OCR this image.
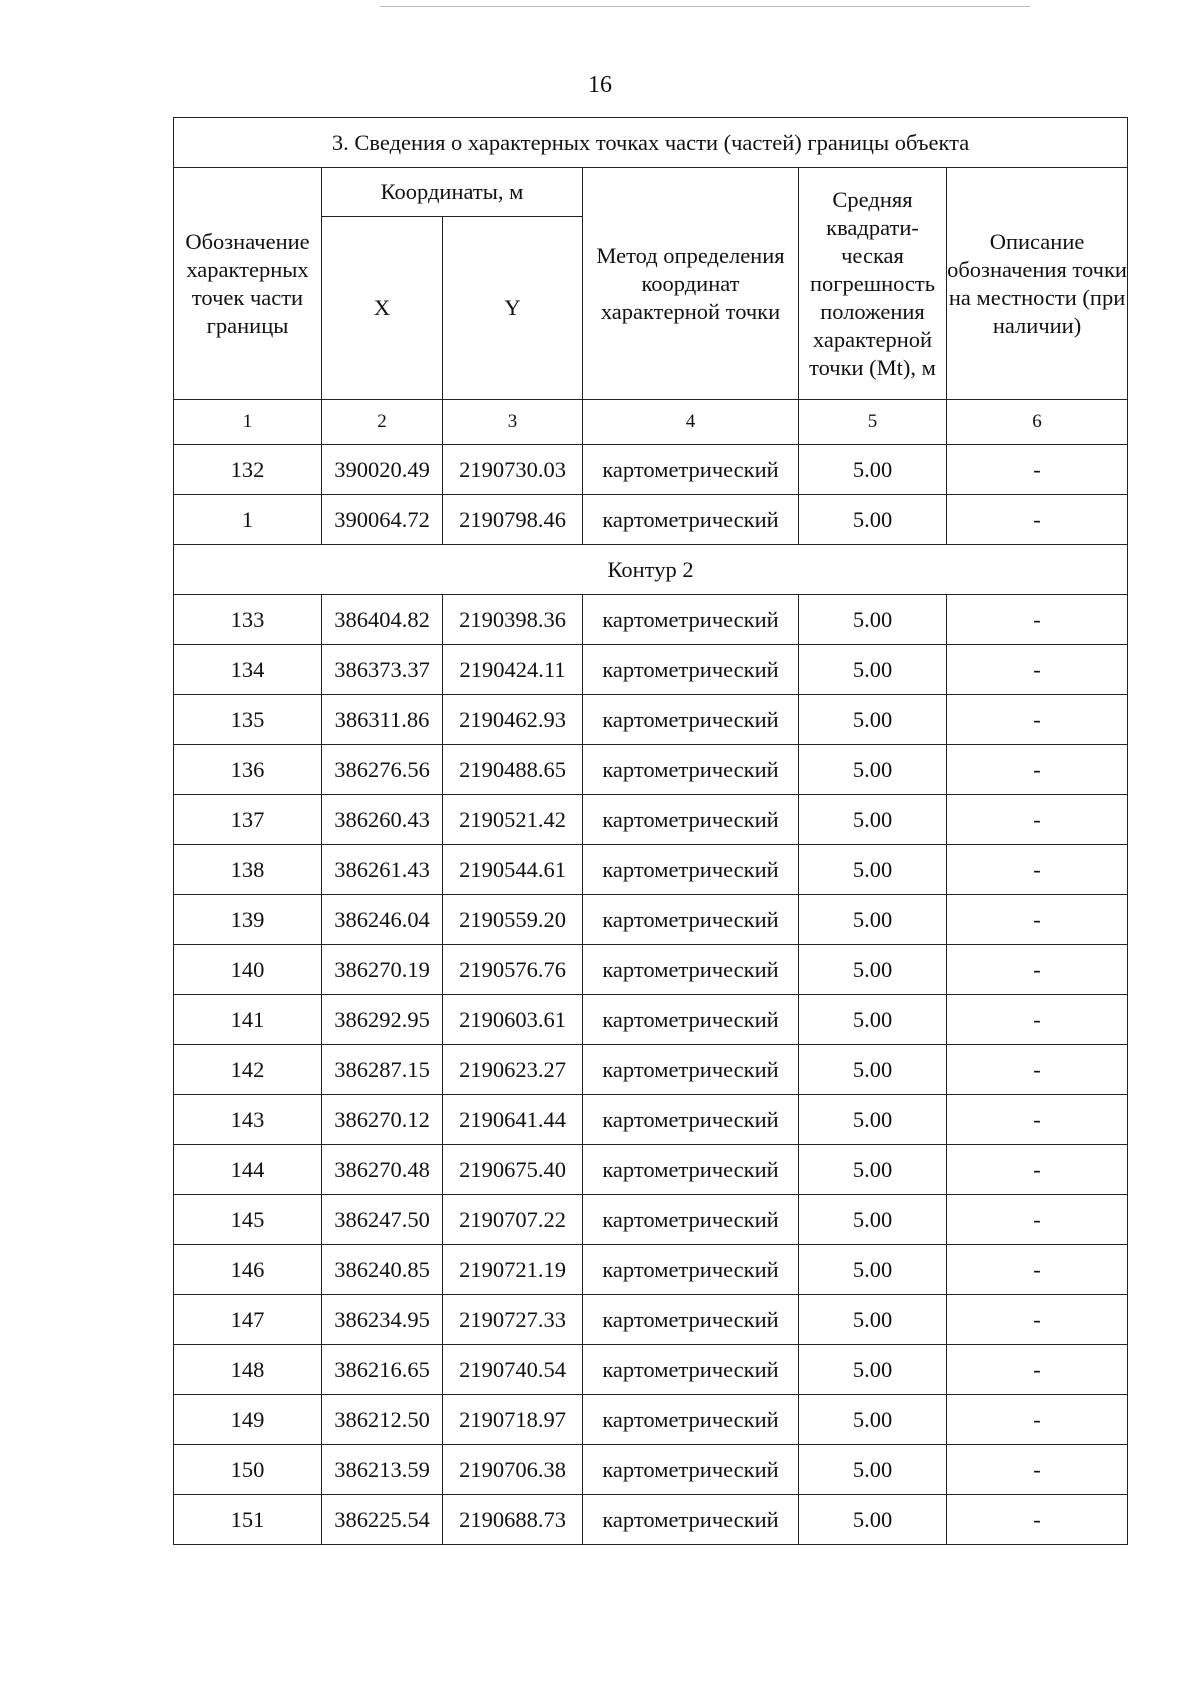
16
3. Сведения о характерных точках части (частей) границы объекта					
Обозначение характерных точек части границы	Координаты, м		Метод определения координат характерной точки	Средняя квадрати-ческая погрешность положения характерной точки (Mt), м	Описание обозначения точки на местности (при наличии)
	X	Y			
1	2	3	4	5	6
132	390020.49	2190730.03	картометрический	5.00	-
1	390064.72	2190798.46	картометрический	5.00	-
Контур 2					
133	386404.82	2190398.36	картометрический	5.00	-
134	386373.37	2190424.11	картометрический	5.00	-
135	386311.86	2190462.93	картометрический	5.00	-
136	386276.56	2190488.65	картометрический	5.00	-
137	386260.43	2190521.42	картометрический	5.00	-
138	386261.43	2190544.61	картометрический	5.00	-
139	386246.04	2190559.20	картометрический	5.00	-
140	386270.19	2190576.76	картометрический	5.00	-
141	386292.95	2190603.61	картометрический	5.00	-
142	386287.15	2190623.27	картометрический	5.00	-
143	386270.12	2190641.44	картометрический	5.00	-
144	386270.48	2190675.40	картометрический	5.00	-
145	386247.50	2190707.22	картометрический	5.00	-
146	386240.85	2190721.19	картометрический	5.00	-
147	386234.95	2190727.33	картометрический	5.00	-
148	386216.65	2190740.54	картометрический	5.00	-
149	386212.50	2190718.97	картометрический	5.00	-
150	386213.59	2190706.38	картометрический	5.00	-
151	386225.54	2190688.73	картометрический	5.00	-
